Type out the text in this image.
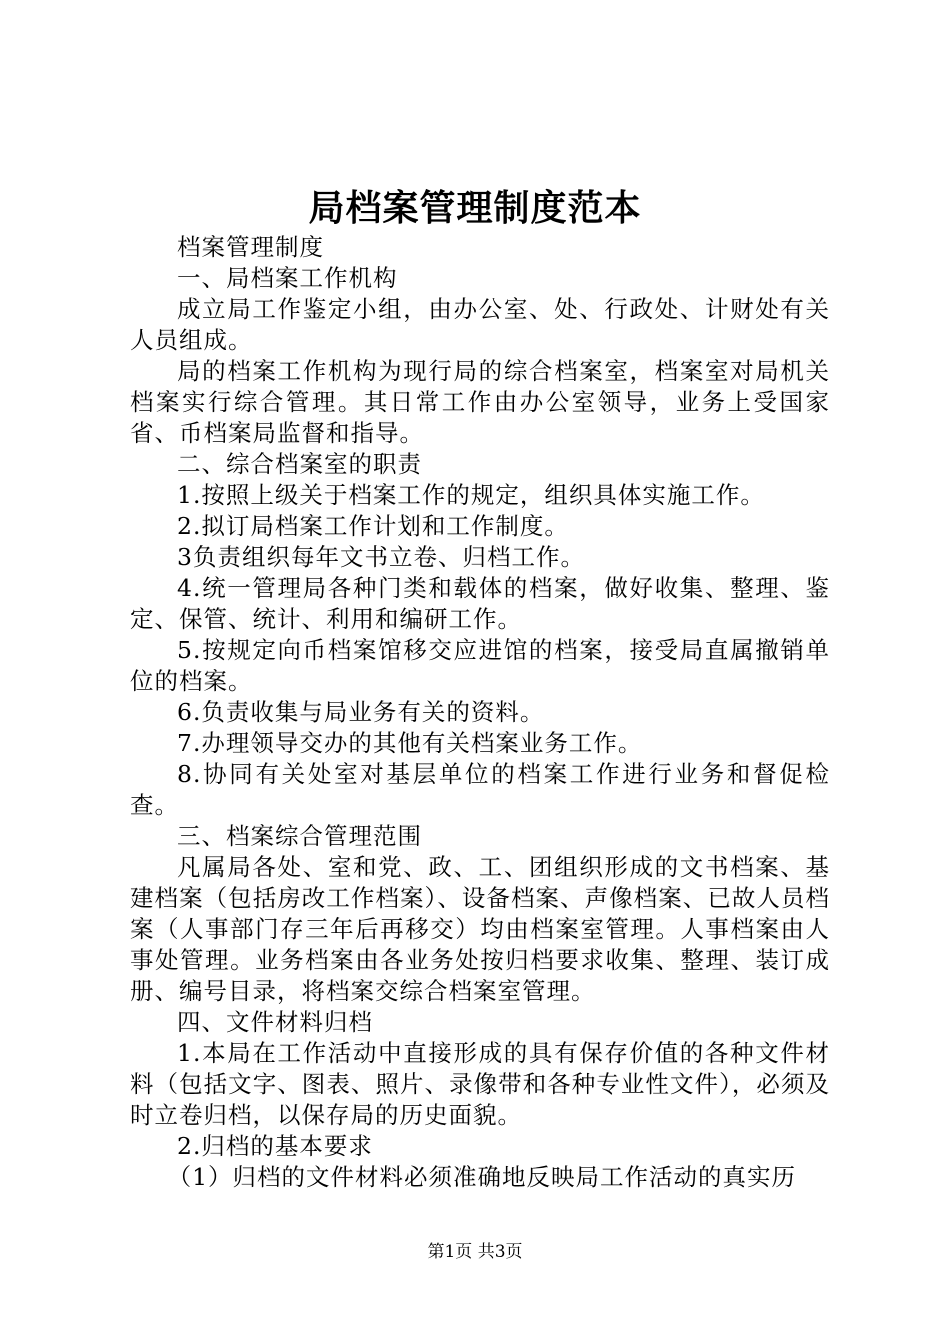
局档案管理制度范本

档案管理制度

一、局档案工作机构

成立局工作鉴定小组，由办公室、处、行政处、计财处有关人员组成。

局的档案工作机构为现行局的综合档案室，档案室对局机关档案实行综合管理。其日常工作由办公室领导，业务上受国家省、币档案局监督和指导。

二、综合档案室的职责

1.按照上级关于档案工作的规定，组织具体实施工作。

2.拟订局档案工作计划和工作制度。

3负责组织每年文书立卷、归档工作。

4.统一管理局各种门类和载体的档案，做好收集、整理、鉴定、保管、统计、利用和编研工作。

5.按规定向币档案馆移交应进馆的档案，接受局直属撤销单位的档案。

6.负责收集与局业务有关的资料。

7.办理领导交办的其他有关档案业务工作。

8.协同有关处室对基层单位的档案工作进行业务和督促检查。

三、档案综合管理范围

凡属局各处、室和党、政、工、团组织形成的文书档案、基建档案（包括房改工作档案）、设备档案、声像档案、已故人员档案（人事部门存三年后再移交）均由档案室管理。人事档案由人事处管理。业务档案由各业务处按归档要求收集、整理、装订成册、编号目录，将档案交综合档案室管理。

四、文件材料归档

1.本局在工作活动中直接形成的具有保存价值的各种文件材料（包括文字、图表、照片、录像带和各种专业性文件），必须及时立卷归档，以保存局的历史面貌。

2.归档的基本要求

（1）归档的文件材料必须准确地反映局工作活动的真实历

第1页 共3页
